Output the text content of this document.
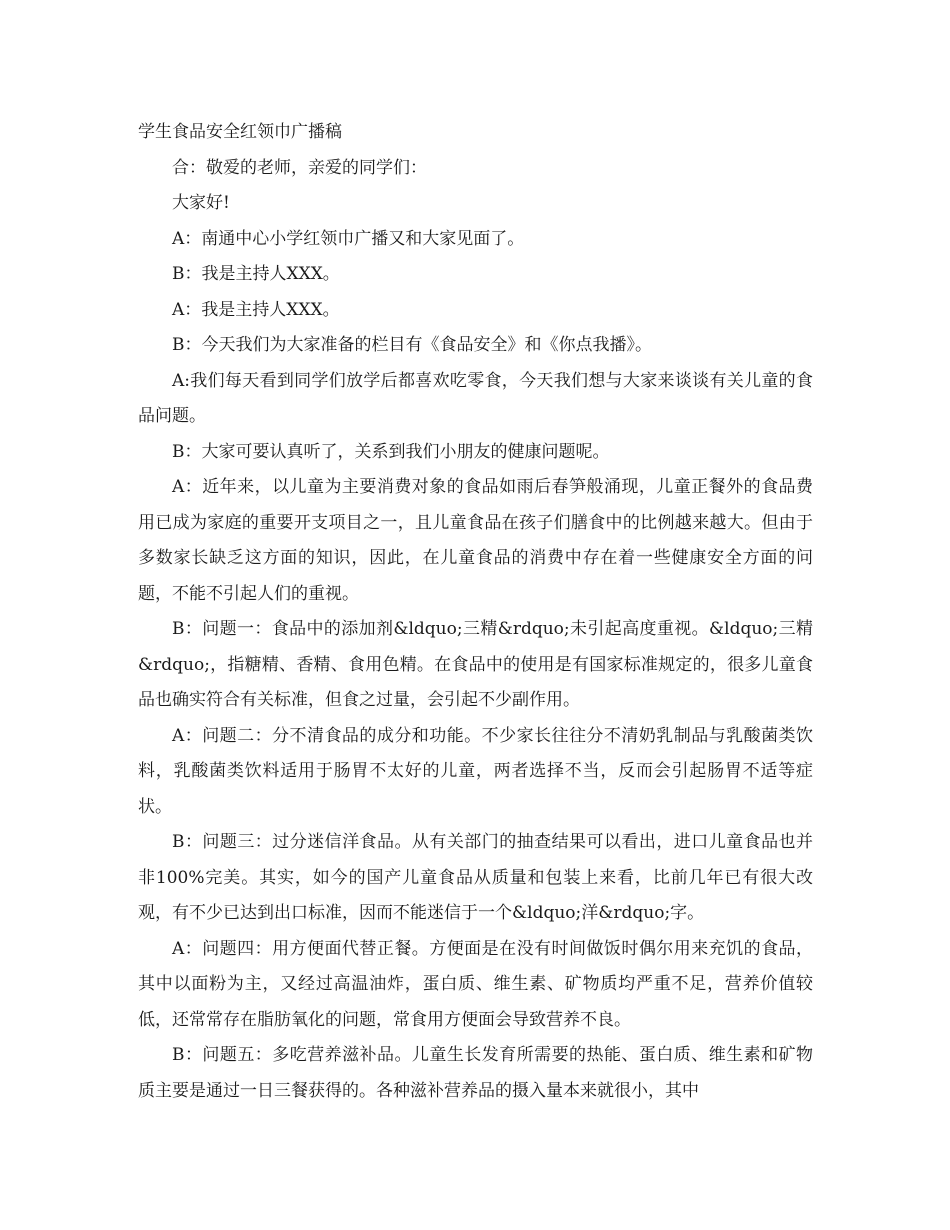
学生食品安全红领巾广播稿

合：敬爱的老师，亲爱的同学们：

大家好!

A：南通中心小学红领巾广播又和大家见面了。

B：我是主持人XXX。

A：我是主持人XXX。

B：今天我们为大家准备的栏目有《食品安全》和《你点我播》。

A:我们每天看到同学们放学后都喜欢吃零食，今天我们想与大家来谈谈有关儿童的食品问题。

B：大家可要认真听了，关系到我们小朋友的健康问题呢。

A：近年来，以儿童为主要消费对象的食品如雨后春笋般涌现，儿童正餐外的食品费用已成为家庭的重要开支项目之一，且儿童食品在孩子们膳食中的比例越来越大。但由于多数家长缺乏这方面的知识，因此，在儿童食品的消费中存在着一些健康安全方面的问题，不能不引起人们的重视。

B：问题一：食品中的添加剂&ldquo;三精&rdquo;未引起高度重视。&ldquo;三精&rdquo;，指糖精、香精、食用色精。在食品中的使用是有国家标准规定的，很多儿童食品也确实符合有关标准，但食之过量，会引起不少副作用。

A：问题二：分不清食品的成分和功能。不少家长往往分不清奶乳制品与乳酸菌类饮料，乳酸菌类饮料适用于肠胃不太好的儿童，两者选择不当，反而会引起肠胃不适等症状。

B：问题三：过分迷信洋食品。从有关部门的抽查结果可以看出，进口儿童食品也并非100%完美。其实，如今的国产儿童食品从质量和包装上来看，比前几年已有很大改观，有不少已达到出口标准，因而不能迷信于一个&ldquo;洋&rdquo;字。

A：问题四：用方便面代替正餐。方便面是在没有时间做饭时偶尔用来充饥的食品，其中以面粉为主，又经过高温油炸，蛋白质、维生素、矿物质均严重不足，营养价值较低，还常常存在脂肪氧化的问题，常食用方便面会导致营养不良。

B：问题五：多吃营养滋补品。儿童生长发育所需要的热能、蛋白质、维生素和矿物质主要是通过一日三餐获得的。各种滋补营养品的摄入量本来就很小，其中
